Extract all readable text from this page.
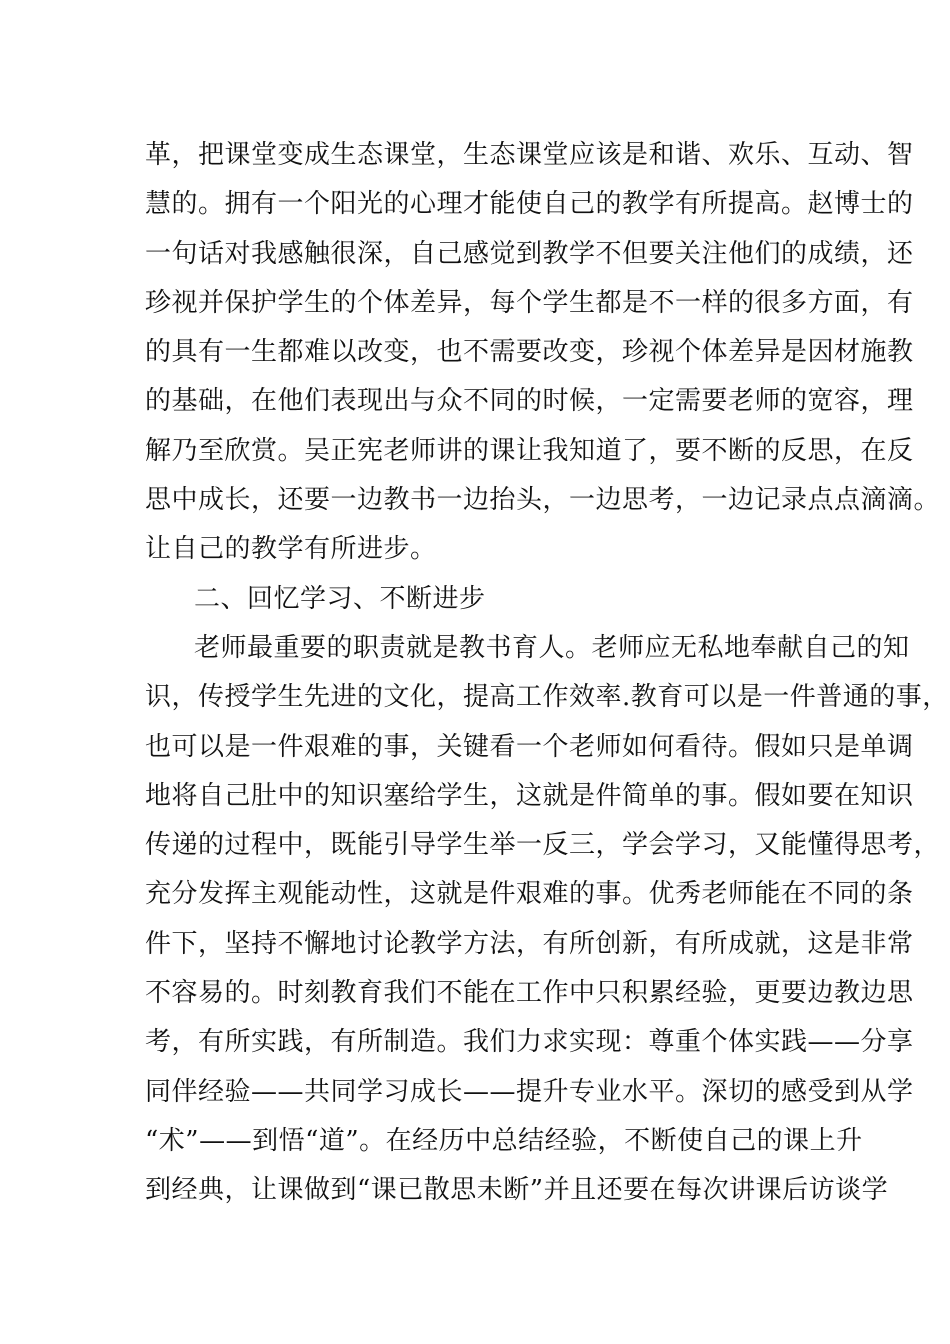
革，把课堂变成生态课堂，生态课堂应该是和谐、欢乐、互动、智
慧的。拥有一个阳光的心理才能使自己的教学有所提高。赵博士的
一句话对我感触很深，自己感觉到教学不但要关注他们的成绩，还
珍视并保护学生的个体差异，每个学生都是不一样的很多方面，有
的具有一生都难以改变，也不需要改变，珍视个体差异是因材施教
的基础，在他们表现出与众不同的时候，一定需要老师的宽容，理
解乃至欣赏。吴正宪老师讲的课让我知道了，要不断的反思，在反
思中成长，还要一边教书一边抬头，一边思考，一边记录点点滴滴。
让自己的教学有所进步。
二、回忆学习、不断进步
老师最重要的职责就是教书育人。老师应无私地奉献自己的知
识，传授学生先进的文化，提高工作效率.教育可以是一件普通的事，
也可以是一件艰难的事，关键看一个老师如何看待。假如只是单调
地将自己肚中的知识塞给学生，这就是件简单的事。假如要在知识
传递的过程中，既能引导学生举一反三，学会学习，又能懂得思考，
充分发挥主观能动性，这就是件艰难的事。优秀老师能在不同的条
件下，坚持不懈地讨论教学方法，有所创新，有所成就，这是非常
不容易的。时刻教育我们不能在工作中只积累经验，更要边教边思
考，有所实践，有所制造。我们力求实现：尊重个体实践——分享
同伴经验——共同学习成长——提升专业水平。深切的感受到从学
“术”——到悟“道”。在经历中总结经验，不断使自己的课上升
到经典，让课做到“课已散思未断”并且还要在每次讲课后访谈学
